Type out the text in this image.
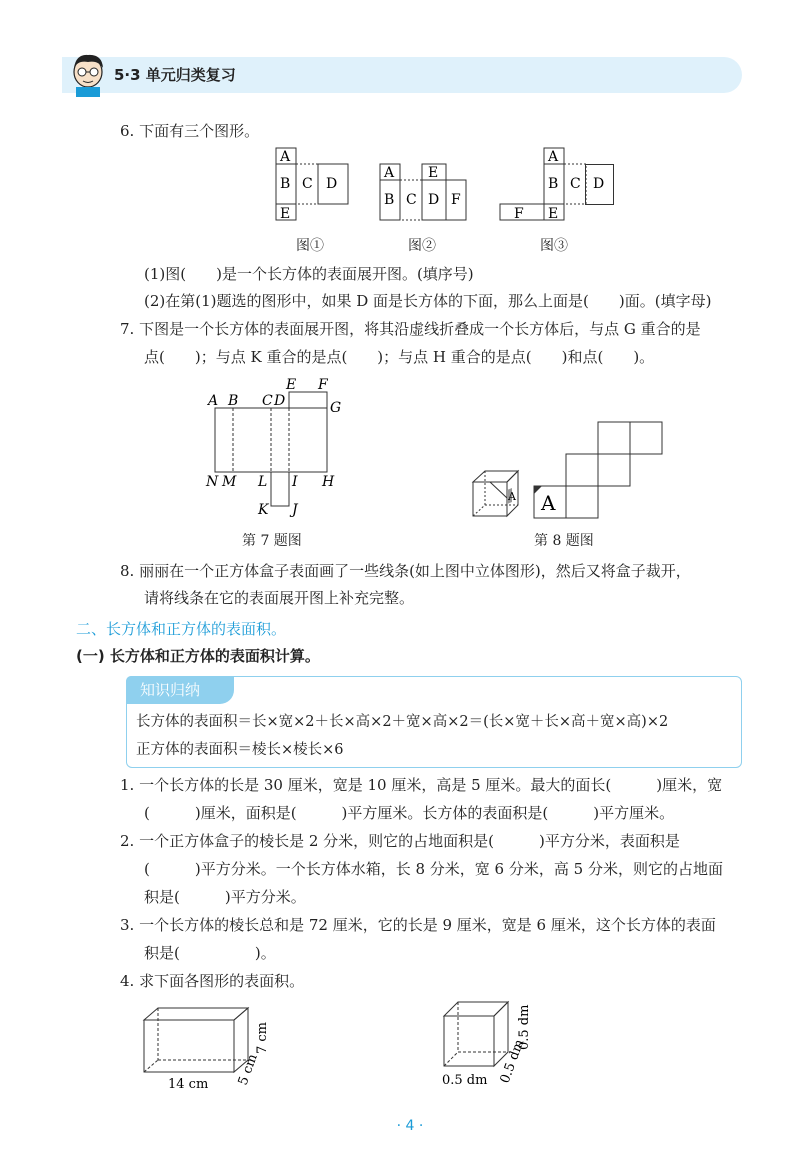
5·3 单元归类复习
6. 下面有三个图形。
A
B C D
E
A E
B C D F
A
B C
F E
D
图①	图②	图③
(1)图(　　)是一个长方体的表面展开图。(填序号)
(2)在第(1)题选的图形中，如果 D 面是长方体的下面，那么上面是(　　)面。(填字母)
7. 下图是一个长方体的表面展开图，将其沿虚线折叠成一个长方体后，与点 G 重合的是
点(　　)；与点 K 重合的是点(　　)；与点 H 重合的是点(　　)和点(　　)。
A B C D
E F
G
N M L I H
K J
第 7 题图
A A
第 8 题图
8. 丽丽在一个正方体盒子表面画了一些线条(如上图中立体图形)，然后又将盒子裁开，
请将线条在它的表面展开图上补充完整。
二、长方体和正方体的表面积。
(一) 长方体和正方体的表面积计算。
知识归纳
长方体的表面积＝长×宽×2＋长×高×2＋宽×高×2＝(长×宽＋长×高＋宽×高)×2
正方体的表面积＝棱长×棱长×6
1. 一个长方体的长是 30 厘米，宽是 10 厘米，高是 5 厘米。最大的面长(　　　)厘米，宽
(　　　)厘米，面积是(　　　)平方厘米。长方体的表面积是(　　　)平方厘米。
2. 一个正方体盒子的棱长是 2 分米，则它的占地面积是(　　　)平方分米，表面积是
(　　　)平方分米。一个长方体水箱，长 8 分米，宽 6 分米，高 5 分米，则它的占地面
积是(　　　)平方分米。
3. 一个长方体的棱长总和是 72 厘米，它的长是 9 厘米，宽是 6 厘米，这个长方体的表面
积是(　　　　　)。
4. 求下面各图形的表面积。
14 cm 5 cm
7 cm
0.5 dm 0.5 dm
0.5 dm
· 4 ·
